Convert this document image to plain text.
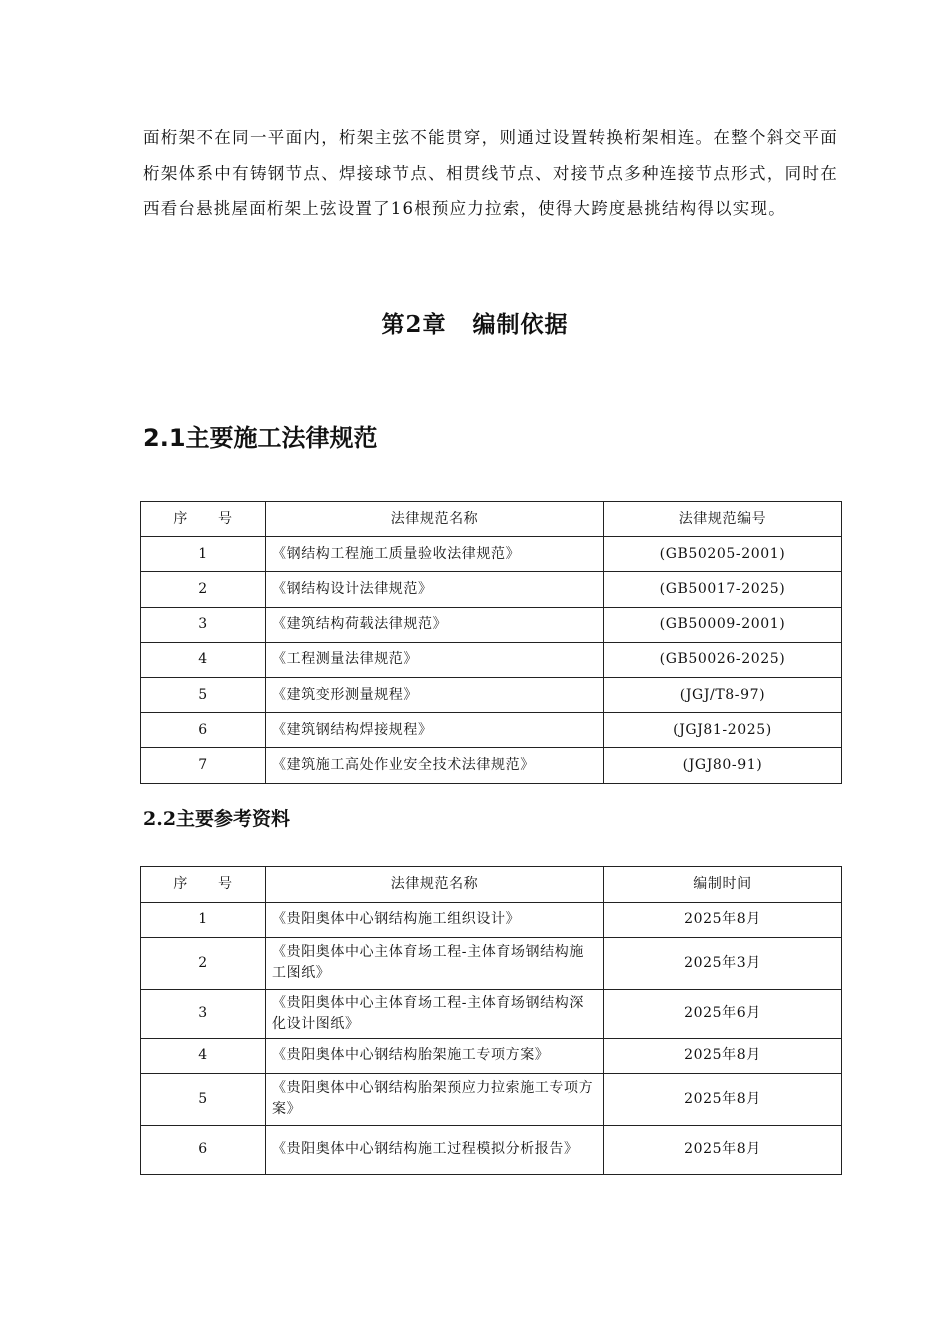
面桁架不在同一平面内，桁架主弦不能贯穿，则通过设置转换桁架相连。在整个斜交平面桁架体系中有铸钢节点、焊接球节点、相贯线节点、对接节点多种连接节点形式，同时在西看台悬挑屋面桁架上弦设置了16根预应力拉索，使得大跨度悬挑结构得以实现。

第2章 编制依据
2.1主要施工法律规范
序 号	法律规范名称	法律规范编号
1	《钢结构工程施工质量验收法律规范》	(GB50205-2001)
2	《钢结构设计法律规范》	(GB50017-2025)
3	《建筑结构荷载法律规范》	(GB50009-2001)
4	《工程测量法律规范》	(GB50026-2025)
5	《建筑变形测量规程》	(JGJ/T8-97)
6	《建筑钢结构焊接规程》	(JGJ81-2025)
7	《建筑施工高处作业安全技术法律规范》	(JGJ80-91)
2.2主要参考资料
序 号	法律规范名称	编制时间
1	《贵阳奥体中心钢结构施工组织设计》	2025年8月
2	《贵阳奥体中心主体育场工程-主体育场钢结构施工图纸》	2025年3月
3	《贵阳奥体中心主体育场工程-主体育场钢结构深化设计图纸》	2025年6月
4	《贵阳奥体中心钢结构胎架施工专项方案》	2025年8月
5	《贵阳奥体中心钢结构胎架预应力拉索施工专项方案》	2025年8月
6	《贵阳奥体中心钢结构施工过程模拟分析报告》	2025年8月
